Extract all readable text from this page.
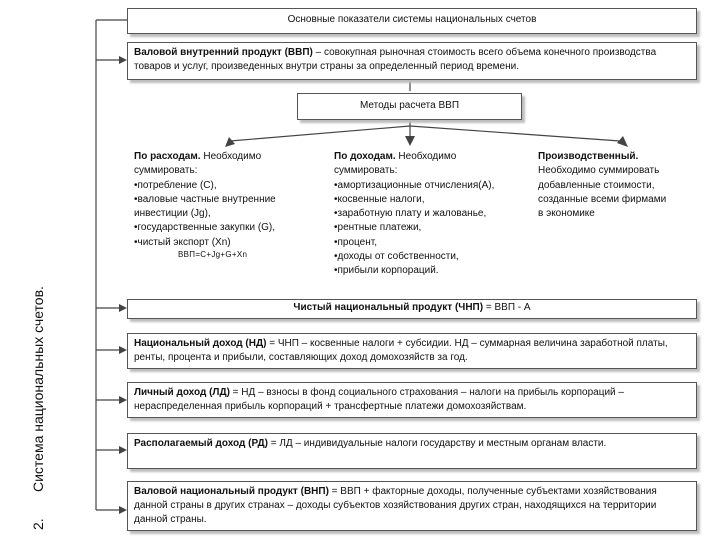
2.
Система национальных счетов.
Основные показатели системы национальных счетов
Валовой внутренний продукт (ВВП) – совокупная рыночная стоимость всего объема конечного производства товаров и услуг, произведенных внутри страны за определенный период времени.
Методы расчета ВВП
По расходам. Необходимо
суммировать:
•потребление (C),
•валовые частные внутренние
инвестиции (Jg),
•государственные закупки (G),
•чистый экспорт (Xn)
ВВП=C+Jg+G+Xn
По доходам. Необходимо
суммировать:
•амортизационные отчисления(A),
•косвенные налоги,
•заработную плату и жалованье,
•рентные платежи,
•процент,
•доходы от собственности,
•прибыли корпораций.
Производственный.
Необходимо суммировать
добавленные стоимости,
созданные всеми фирмами
в экономике
Чистый национальный продукт (ЧНП) = ВВП - А
Национальный доход (НД) = ЧНП – косвенные налоги + субсидии. НД – суммарная величина заработной платы, ренты, процента и прибыли, составляющих доход домохозяйств за год.
Личный доход (ЛД) = НД – взносы в фонд социального страхования – налоги на прибыль корпораций – нераспределенная прибыль корпораций + трансфертные платежи домохозяйствам.
Располагаемый доход (РД) = ЛД – индивидуальные налоги государству и местным органам власти.
Валовой национальный продукт (ВНП) = ВВП + факторные доходы, полученные субъектами хозяйствования данной страны в других странах – доходы субъектов хозяйствования других стран, находящихся на территории данной страны.
